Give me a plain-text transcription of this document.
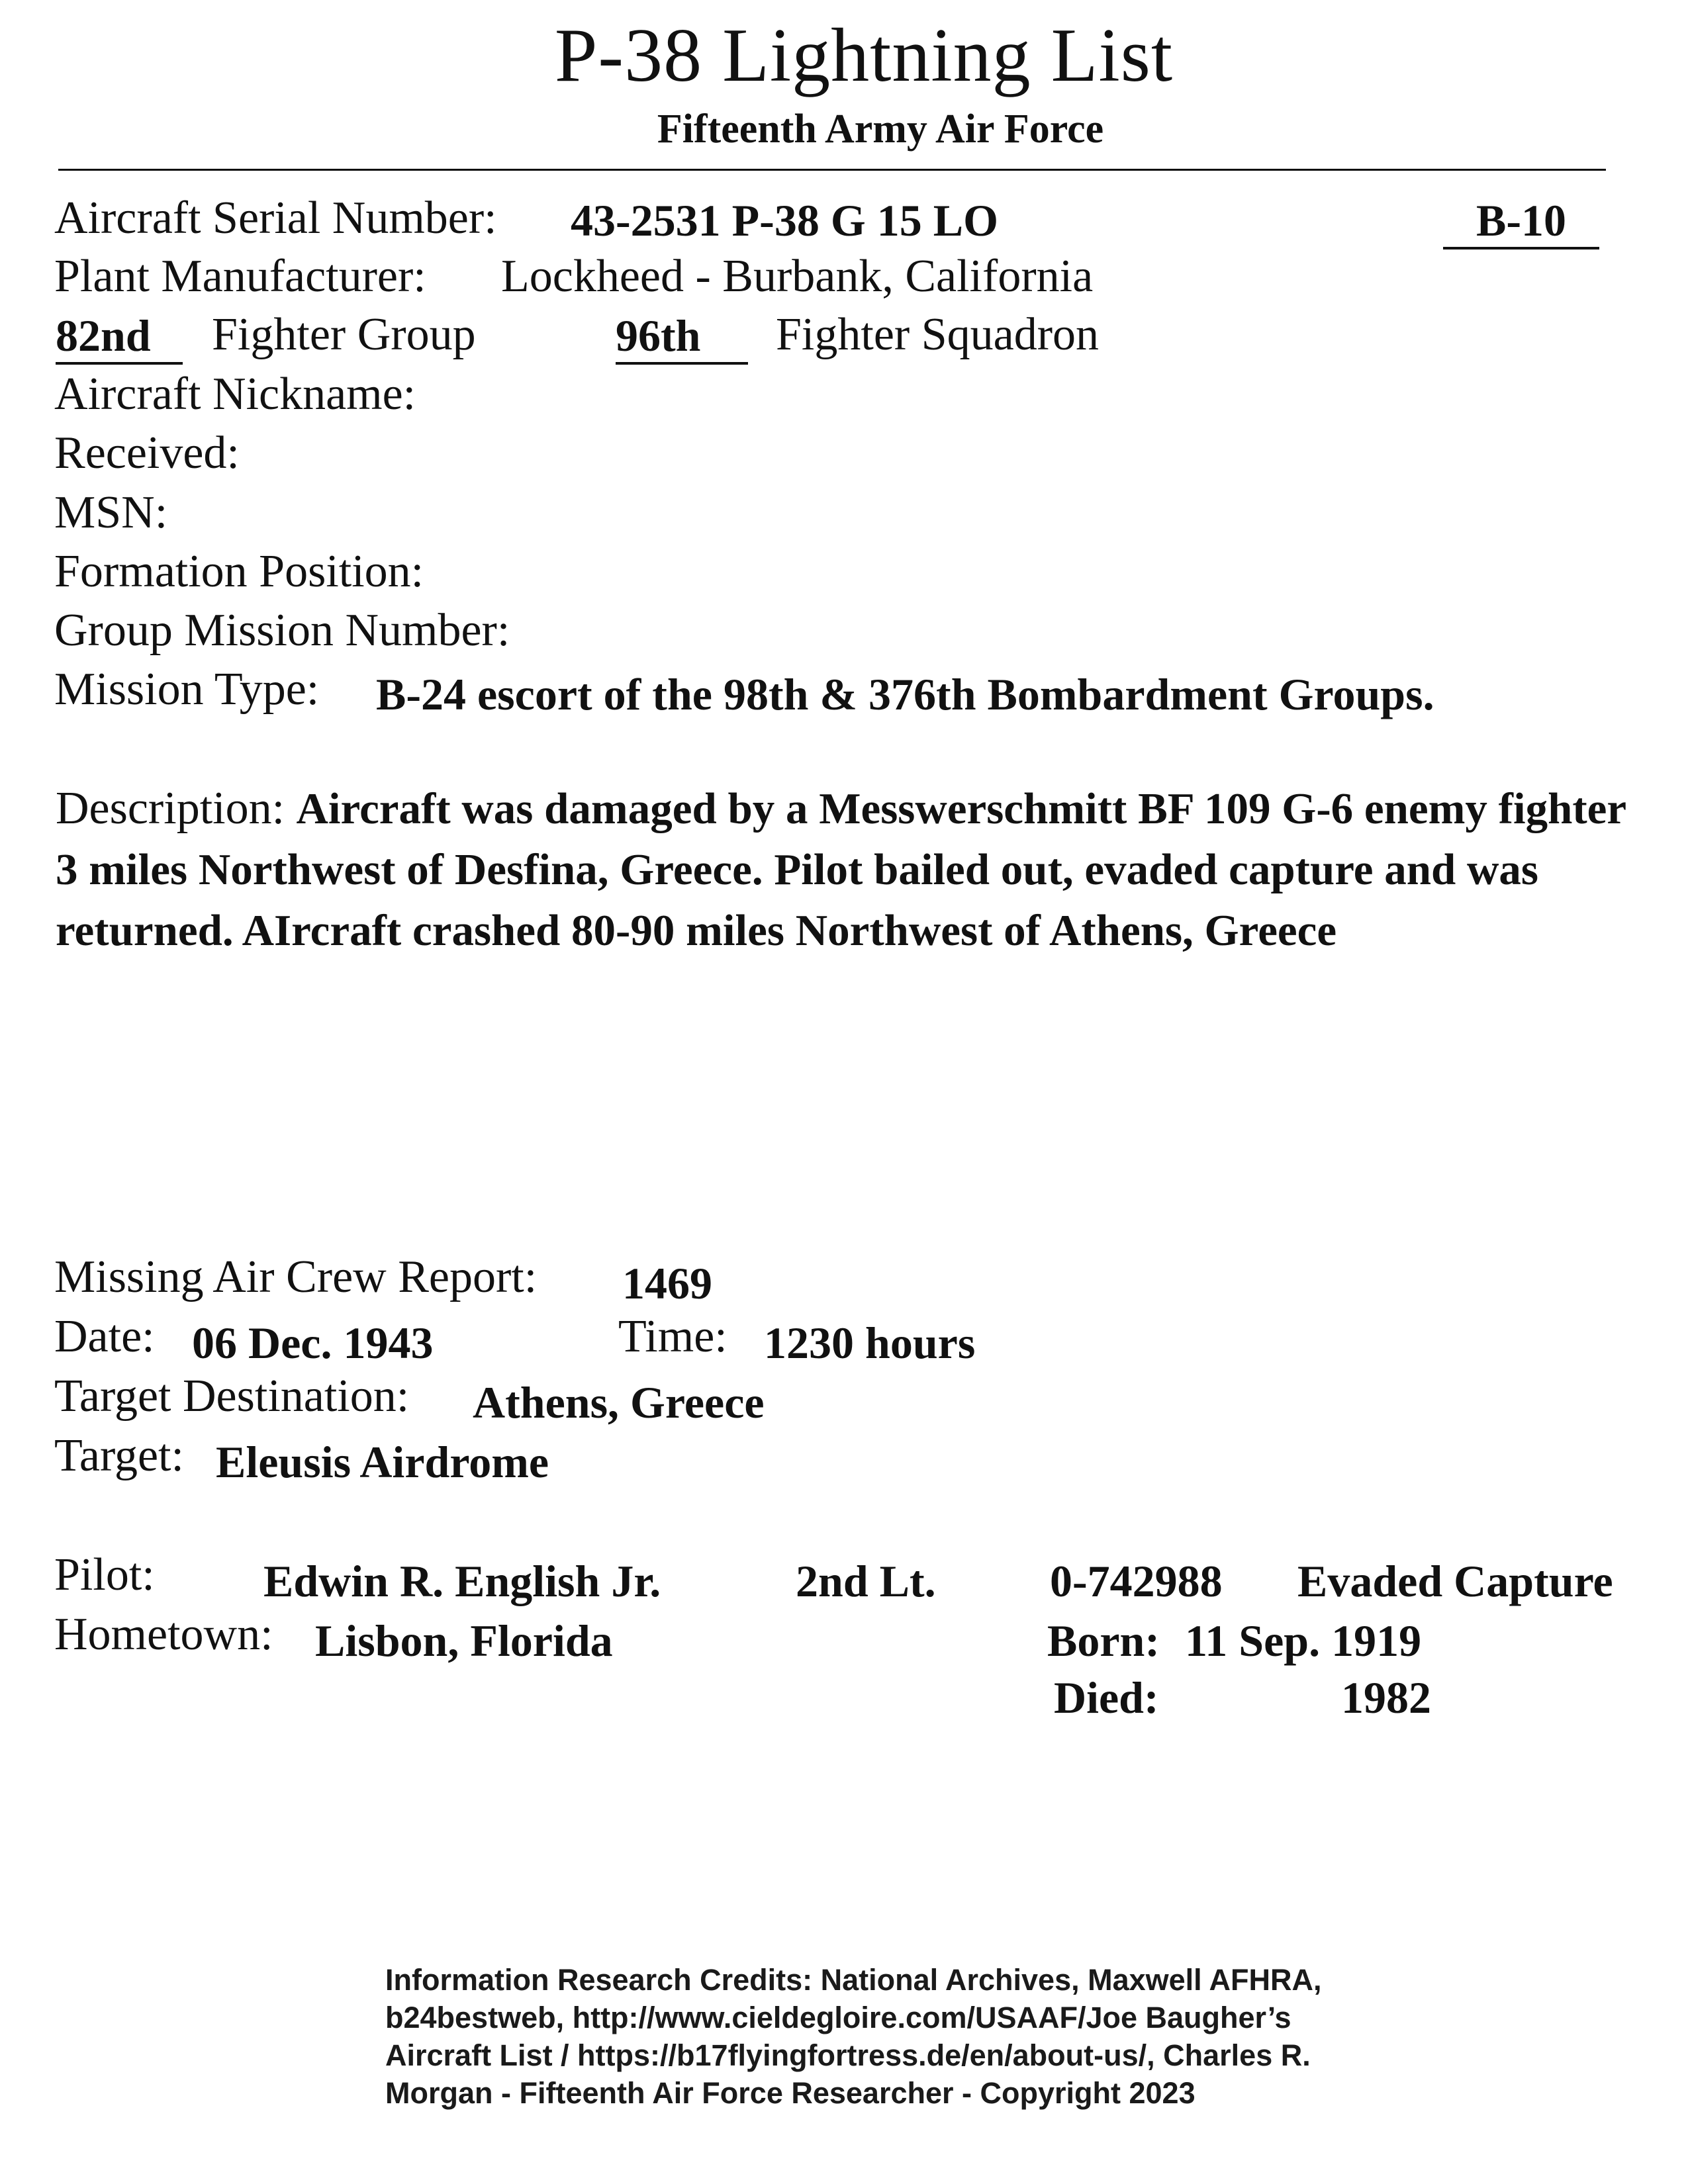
P-38 Lightning List
Fifteenth Army Air Force
Aircraft Serial Number: 43-2531 P-38 G 15 LO	B-10
Plant Manufacturer: Lockheed - Burbank, California
82nd	Fighter Group	96th	Fighter Squadron
Aircraft Nickname:
Received:
MSN:
Formation Position:
Group Mission Number:
Mission Type: B-24 escort of the 98th & 376th Bombardment Groups.
Description: Aircraft was damaged by a Messwerschmitt BF 109 G-6 enemy fighter 3 miles Northwest of Desfina, Greece. Pilot bailed out, evaded capture and was returned. AIrcraft crashed 80-90 miles Northwest of Athens, Greece
Missing Air Crew Report: 1469
Date: 06 Dec. 1943	Time: 1230 hours
Target Destination: Athens, Greece
Target: Eleusis Airdrome
Pilot: Edwin R. English Jr.	2nd Lt.	0-742988 Evaded Capture
Hometown: Lisbon, Florida	Born: 11 Sep. 1919
Died:	1982
Information Research Credits: National Archives, Maxwell AFHRA, b24bestweb, http://www.cieldegloire.com/USAAF/Joe Baugher’s Aircraft List / https://b17flyingfortress.de/en/about-us/, Charles R. Morgan - Fifteenth Air Force Researcher - Copyright 2023
